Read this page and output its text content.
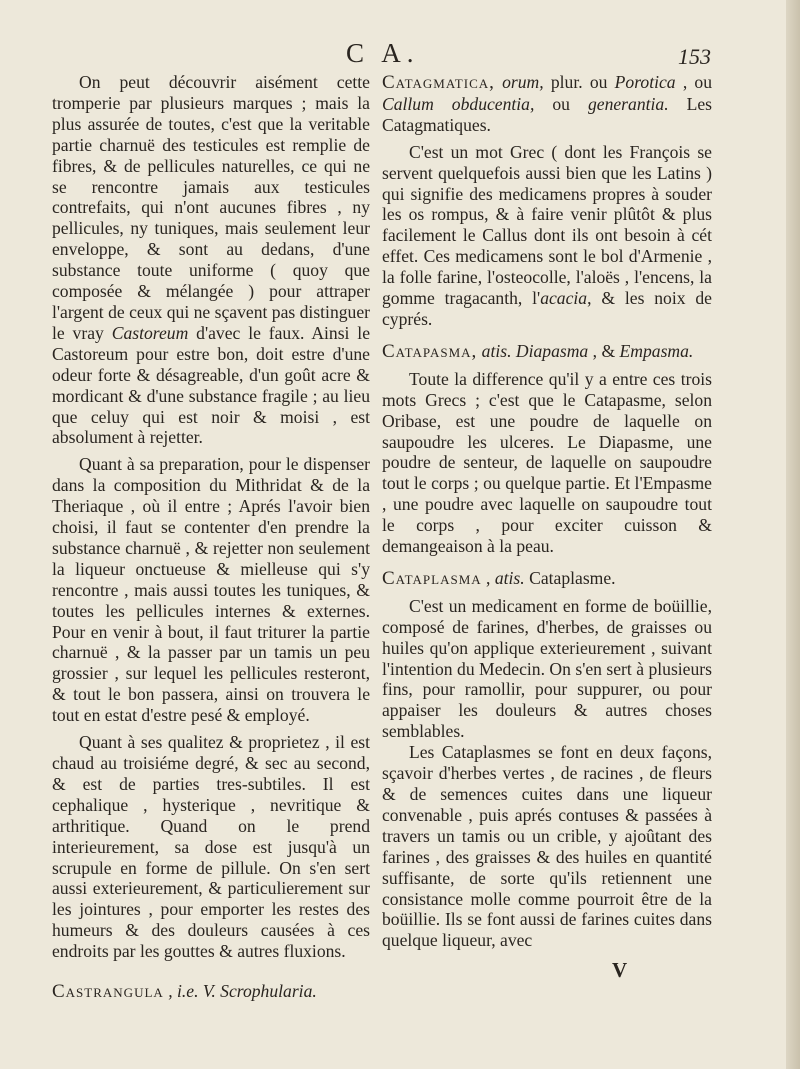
C A.	153

On peut découvrir aisément cette tromperie par plusieurs marques ; mais la plus assurée de toutes, c'est que la veritable partie charnuë des testicules est remplie de fibres, & de pellicules naturelles, ce qui ne se rencontre jamais aux testicules contrefaits, qui n'ont aucunes fibres , ny pellicules, ny tuniques, mais seulement leur enveloppe, & sont au dedans, d'une substance toute uniforme ( quoy que composée & mélangée ) pour attraper l'argent de ceux qui ne sçavent pas distinguer le vray Castoreum d'avec le faux. Ainsi le Castoreum pour estre bon, doit estre d'une odeur forte & désagreable, d'un goût acre & mordicant & d'une substance fragile ; au lieu que celuy qui est noir & moisi , est absolument à rejetter.

Quant à sa preparation, pour le dispenser dans la composition du Mithridat & de la Theriaque , où il entre ; Aprés l'avoir bien choisi, il faut se contenter d'en prendre la substance charnuë , & rejetter non seulement la liqueur onctueuse & mielleuse qui s'y rencontre , mais aussi toutes les tuniques, & toutes les pellicules internes & externes. Pour en venir à bout, il faut triturer la partie charnuë , & la passer par un tamis un peu grossier , sur lequel les pellicules resteront, & tout le bon passera, ainsi on trouvera le tout en estat d'estre pesé & employé.

Quant à ses qualitez & proprietez , il est chaud au troisiéme degré, & sec au second, & est de parties tres-subtiles. Il est cephalique , hysterique , nevritique & arthritique. Quand on le prend interieurement, sa dose est jusqu'à un scrupule en forme de pillule. On s'en sert aussi exterieurement, & particulierement sur les jointures , pour emporter les restes des humeurs & des douleurs causées à ces endroits par les gouttes & autres fluxions.

Castrangula , i.e. V. Scrophularia.

Catagmatica, orum, plur. ou Porotica , ou Callum obducentia, ou generantia. Les Catagmatiques.

C'est un mot Grec ( dont les François se servent quelquefois aussi bien que les Latins ) qui signifie des medicamens propres à souder les os rompus, & à faire venir plûtôt & plus facilement le Callus dont ils ont besoin à cét effet. Ces medicamens sont le bol d'Armenie , la folle farine, l'osteocolle, l'aloës , l'encens, la gomme tragacanth, l'acacia, & les noix de cyprés.

Catapasma, atis. Diapasma , & Empasma.

Toute la difference qu'il y a entre ces trois mots Grecs ; c'est que le Catapasme, selon Oribase, est une poudre de laquelle on saupoudre les ulceres. Le Diapasme, une poudre de senteur, de laquelle on saupoudre tout le corps ; ou quelque partie. Et l'Empasme , une poudre avec laquelle on saupoudre tout le corps , pour exciter cuisson & demangeaison à la peau.

Cataplasma , atis. Cataplasme.

C'est un medicament en forme de boüillie, composé de farines, d'herbes, de graisses ou huiles qu'on applique exterieurement , suivant l'intention du Medecin. On s'en sert à plusieurs fins, pour ramollir, pour suppurer, ou pour appaiser les douleurs & autres choses semblables.

Les Cataplasmes se font en deux façons, sçavoir d'herbes vertes , de racines , de fleurs & de semences cuites dans une liqueur convenable , puis aprés contuses & passées à travers un tamis ou un crible, y ajoûtant des farines , des graisses & des huiles en quantité suffisante, de sorte qu'ils retiennent une consistance molle comme pourroit être de la boüillie. Ils se font aussi de farines cuites dans quelque liqueur, avec

V
